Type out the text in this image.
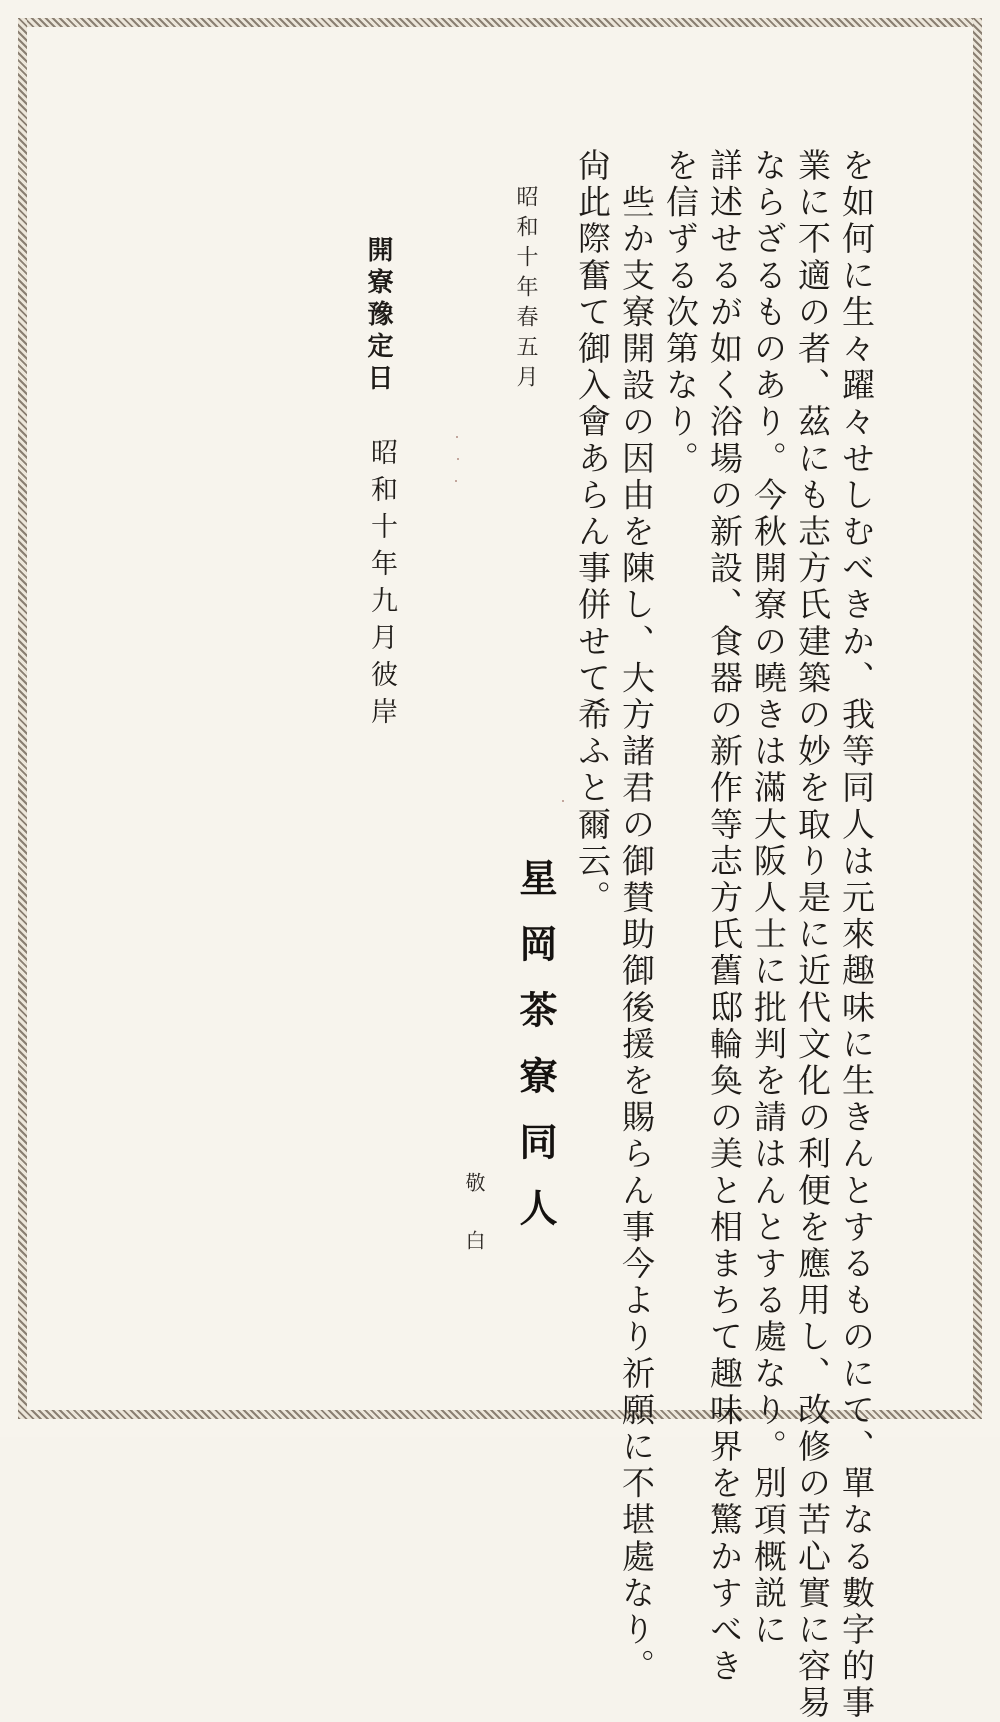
を如何に生々躍々せしむべきか、我等同人は元來趣味に生きんとするものにて、單なる數字的事
業に不適の者、茲にも志方氏建築の妙を取り是に近代文化の利便を應用し、改修の苦心實に容易
ならざるものあり。今秋開寮の曉きは滿大阪人士に批判を請はんとする處なり。別項概説に
詳述せるが如く浴場の新設、食器の新作等志方氏舊邸輪奐の美と相まちて趣味界を驚かすべき
を信ずる次第なり。
　些か支寮開設の因由を陳し、大方諸君の御賛助御後援を賜らん事今より祈願に不堪處なり。
尙此際奮て御入會あらん事併せて希ふと爾云。
昭和十年春五月
星岡茶寮同人
敬白
開寮豫定日
昭和十年九月彼岸
